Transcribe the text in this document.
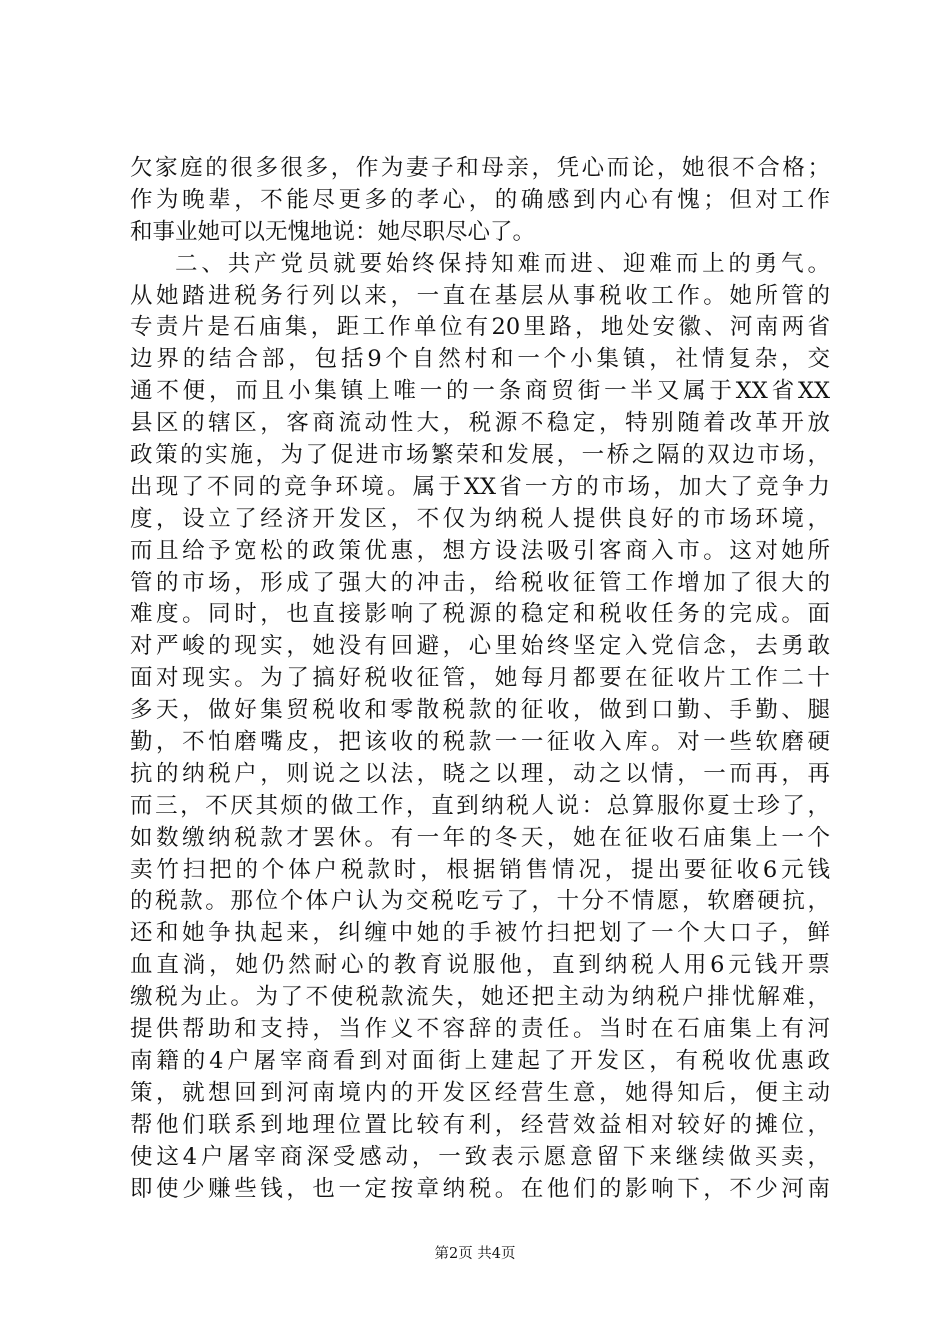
欠家庭的很多很多，作为妻子和母亲，凭心而论，她很不合格；
作为晚辈，不能尽更多的孝心，的确感到内心有愧；但对工作
和事业她可以无愧地说：她尽职尽心了。
二、共产党员就要始终保持知难而进、迎难而上的勇气。
从她踏进税务行列以来，一直在基层从事税收工作。她所管的
专责片是石庙集，距工作单位有20里路，地处安徽、河南两省
边界的结合部，包括9个自然村和一个小集镇，社情复杂，交
通不便，而且小集镇上唯一的一条商贸街一半又属于XX省XX
县区的辖区，客商流动性大，税源不稳定，特别随着改革开放
政策的实施，为了促进市场繁荣和发展，一桥之隔的双边市场，
出现了不同的竞争环境。属于XX省一方的市场，加大了竞争力
度，设立了经济开发区，不仅为纳税人提供良好的市场环境，
而且给予宽松的政策优惠，想方设法吸引客商入市。这对她所
管的市场，形成了强大的冲击，给税收征管工作增加了很大的
难度。同时，也直接影响了税源的稳定和税收任务的完成。面
对严峻的现实，她没有回避，心里始终坚定入党信念，去勇敢
面对现实。为了搞好税收征管，她每月都要在征收片工作二十
多天，做好集贸税收和零散税款的征收，做到口勤、手勤、腿
勤，不怕磨嘴皮，把该收的税款一一征收入库。对一些软磨硬
抗的纳税户，则说之以法，晓之以理，动之以情，一而再，再
而三，不厌其烦的做工作，直到纳税人说：总算服你夏士珍了，
如数缴纳税款才罢休。有一年的冬天，她在征收石庙集上一个
卖竹扫把的个体户税款时，根据销售情况，提出要征收6元钱
的税款。那位个体户认为交税吃亏了，十分不情愿，软磨硬抗，
还和她争执起来，纠缠中她的手被竹扫把划了一个大口子，鲜
血直淌，她仍然耐心的教育说服他，直到纳税人用6元钱开票
缴税为止。为了不使税款流失，她还把主动为纳税户排忧解难，
提供帮助和支持，当作义不容辞的责任。当时在石庙集上有河
南籍的4户屠宰商看到对面街上建起了开发区，有税收优惠政
策，就想回到河南境内的开发区经营生意，她得知后，便主动
帮他们联系到地理位置比较有利，经营效益相对较好的摊位，
使这4户屠宰商深受感动，一致表示愿意留下来继续做买卖，
即使少赚些钱，也一定按章纳税。在他们的影响下，不少河南
第2页 共4页
